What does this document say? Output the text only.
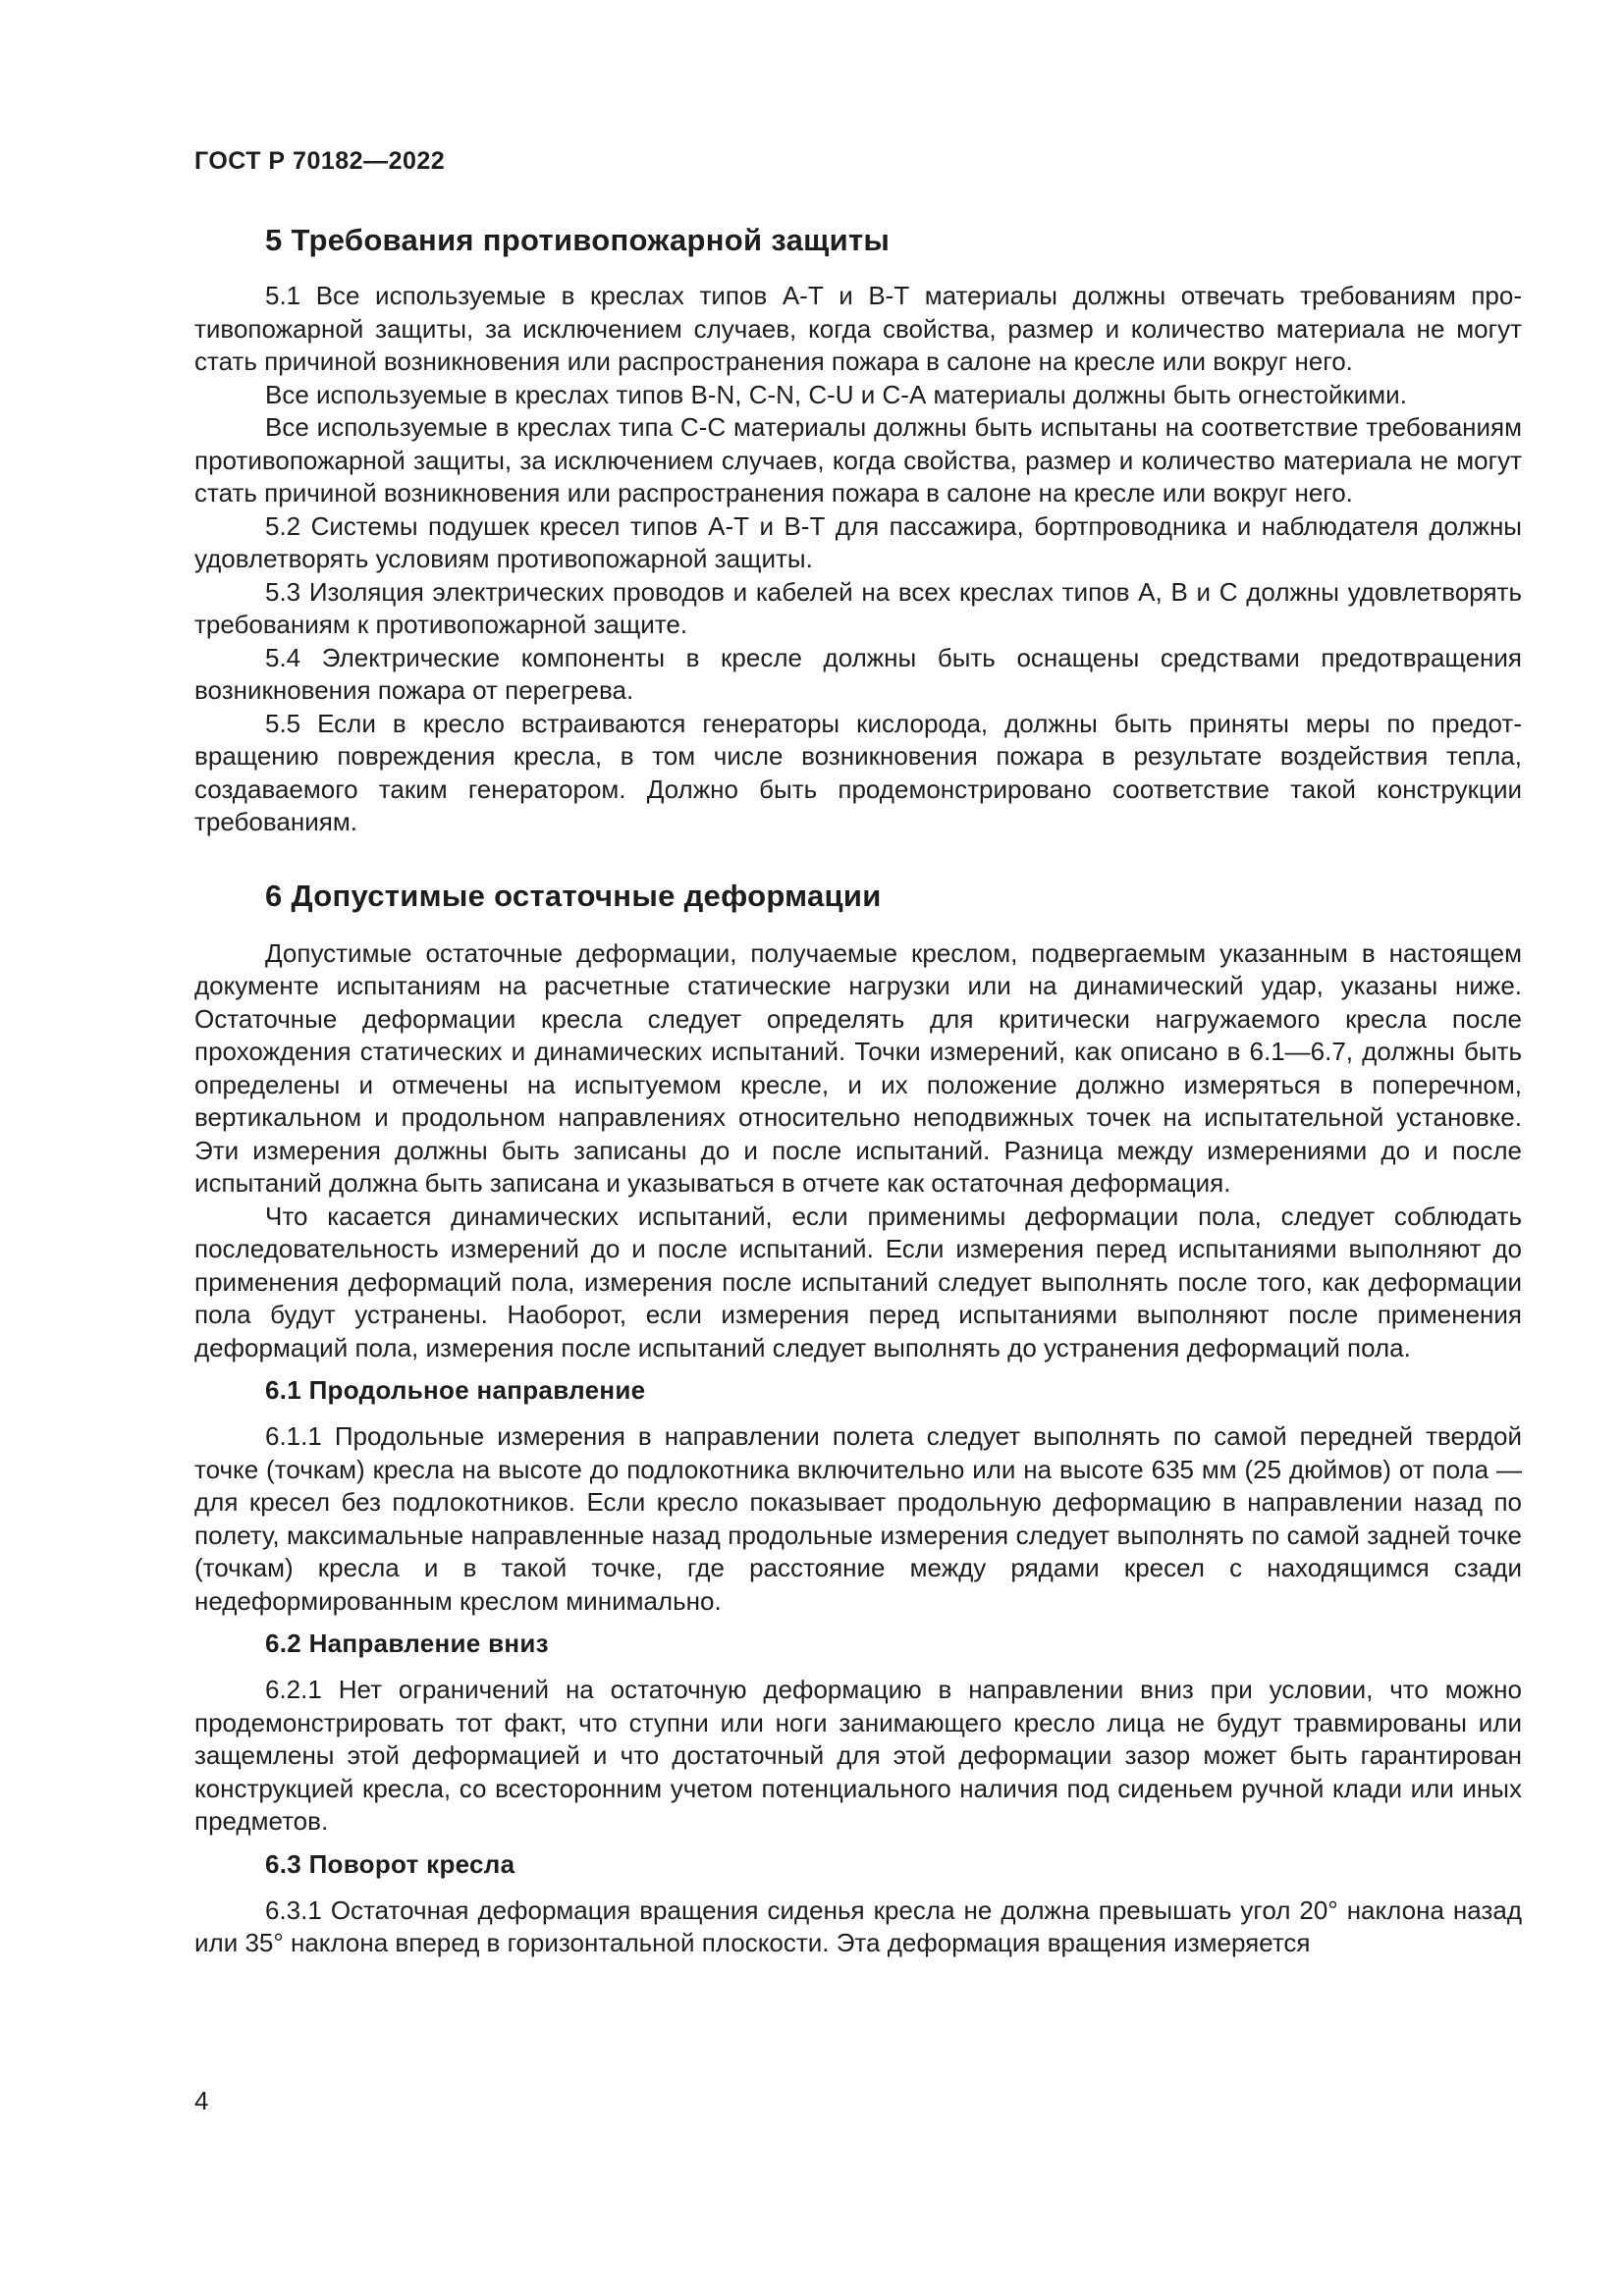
ГОСТ Р 70182—2022
5 Требования противопожарной защиты

5.1 Все используемые в креслах типов А-Т и В-Т материалы должны отвечать требованиям противопожарной защиты, за исключением случаев, когда свойства, размер и количество материала не могут стать причиной возникновения или распространения пожара в салоне на кресле или вокруг него.

Все используемые в креслах типов В-N, С-N, С-U и С-А материалы должны быть огнестойкими.

Все используемые в креслах типа С-С материалы должны быть испытаны на соответствие требованиям противопожарной защиты, за исключением случаев, когда свойства, размер и количество материала не могут стать причиной возникновения или распространения пожара в салоне на кресле или вокруг него.

5.2 Системы подушек кресел типов А-Т и В-Т для пассажира, бортпроводника и наблюдателя должны удовлетворять условиям противопожарной защиты.

5.3 Изоляция электрических проводов и кабелей на всех креслах типов А, В и С должны удовлетворять требованиям к противопожарной защите.

5.4 Электрические компоненты в кресле должны быть оснащены средствами предотвращения возникновения пожара от перегрева.

5.5 Если в кресло встраиваются генераторы кислорода, должны быть приняты меры по предотвращению повреждения кресла, в том числе возникновения пожара в результате воздействия тепла, создаваемого таким генератором. Должно быть продемонстрировано соответствие такой конструкции требованиям.

6 Допустимые остаточные деформации

Допустимые остаточные деформации, получаемые креслом, подвергаемым указанным в настоящем документе испытаниям на расчетные статические нагрузки или на динамический удар, указаны ниже. Остаточные деформации кресла следует определять для критически нагружаемого кресла после прохождения статических и динамических испытаний. Точки измерений, как описано в 6.1—6.7, должны быть определены и отмечены на испытуемом кресле, и их положение должно измеряться в поперечном, вертикальном и продольном направлениях относительно неподвижных точек на испытательной установке. Эти измерения должны быть записаны до и после испытаний. Разница между измерениями до и после испытаний должна быть записана и указываться в отчете как остаточная деформация.

Что касается динамических испытаний, если применимы деформации пола, следует соблюдать последовательность измерений до и после испытаний. Если измерения перед испытаниями выполняют до применения деформаций пола, измерения после испытаний следует выполнять после того, как деформации пола будут устранены. Наоборот, если измерения перед испытаниями выполняют после применения деформаций пола, измерения после испытаний следует выполнять до устранения деформаций пола.

6.1 Продольное направление

6.1.1 Продольные измерения в направлении полета следует выполнять по самой передней твердой точке (точкам) кресла на высоте до подлокотника включительно или на высоте 635 мм (25 дюймов) от пола — для кресел без подлокотников. Если кресло показывает продольную деформацию в направлении назад по полету, максимальные направленные назад продольные измерения следует выполнять по самой задней точке (точкам) кресла и в такой точке, где расстояние между рядами кресел с находящимся сзади недеформированным креслом минимально.

6.2 Направление вниз

6.2.1 Нет ограничений на остаточную деформацию в направлении вниз при условии, что можно продемонстрировать тот факт, что ступни или ноги занимающего кресло лица не будут травмированы или защемлены этой деформацией и что достаточный для этой деформации зазор может быть гарантирован конструкцией кресла, со всесторонним учетом потенциального наличия под сиденьем ручной клади или иных предметов.

6.3 Поворот кресла

6.3.1 Остаточная деформация вращения сиденья кресла не должна превышать угол 20° наклона назад или 35° наклона вперед в горизонтальной плоскости. Эта деформация вращения измеряется

4
